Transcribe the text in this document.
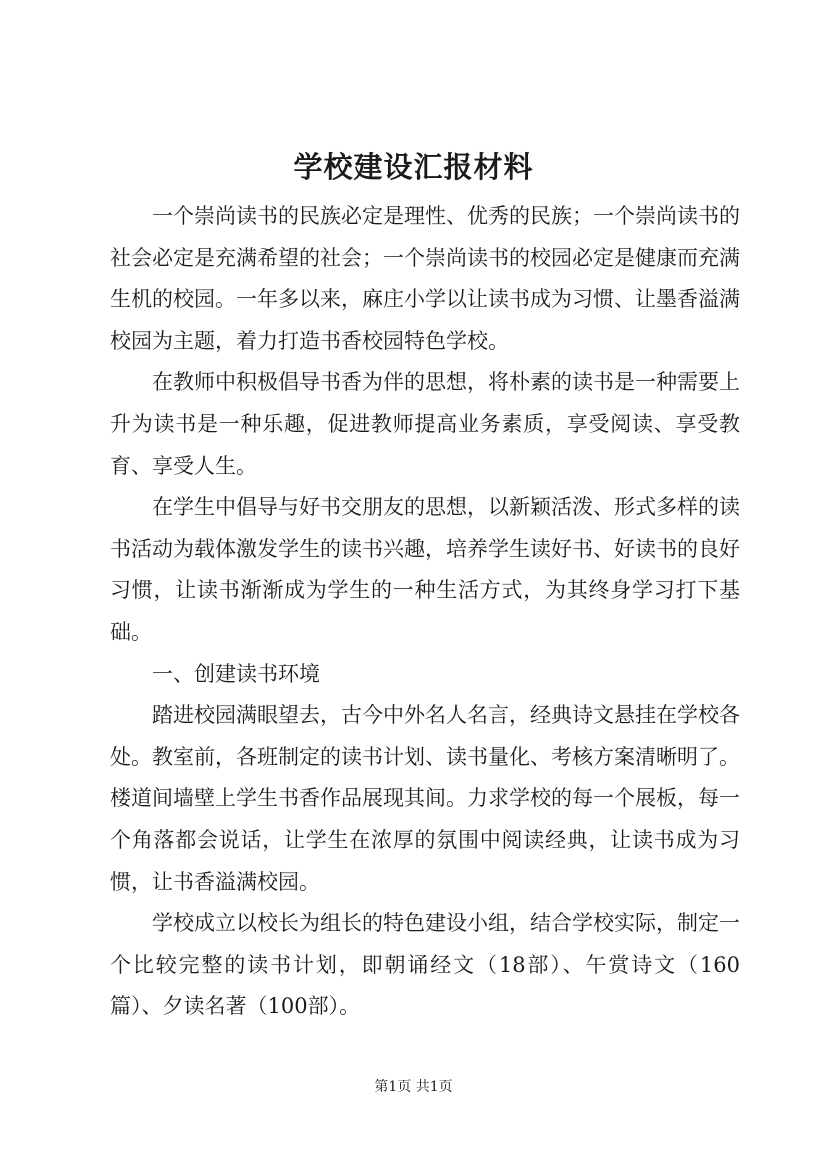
学校建设汇报材料

一个崇尚读书的民族必定是理性、优秀的民族；一个崇尚读书的社会必定是充满希望的社会；一个崇尚读书的校园必定是健康而充满生机的校园。一年多以来，麻庄小学以让读书成为习惯、让墨香溢满校园为主题，着力打造书香校园特色学校。

在教师中积极倡导书香为伴的思想，将朴素的读书是一种需要上升为读书是一种乐趣，促进教师提高业务素质，享受阅读、享受教育、享受人生。

在学生中倡导与好书交朋友的思想，以新颖活泼、形式多样的读书活动为载体激发学生的读书兴趣，培养学生读好书、好读书的良好习惯，让读书渐渐成为学生的一种生活方式，为其终身学习打下基础。

一、创建读书环境

踏进校园满眼望去，古今中外名人名言，经典诗文悬挂在学校各处。教室前，各班制定的读书计划、读书量化、考核方案清晰明了。楼道间墙壁上学生书香作品展现其间。力求学校的每一个展板，每一个角落都会说话，让学生在浓厚的氛围中阅读经典，让读书成为习惯，让书香溢满校园。

学校成立以校长为组长的特色建设小组，结合学校实际，制定一个比较完整的读书计划，即朝诵经文（18部）、午赏诗文（160篇）、夕读名著（100部）。

第1页 共1页
